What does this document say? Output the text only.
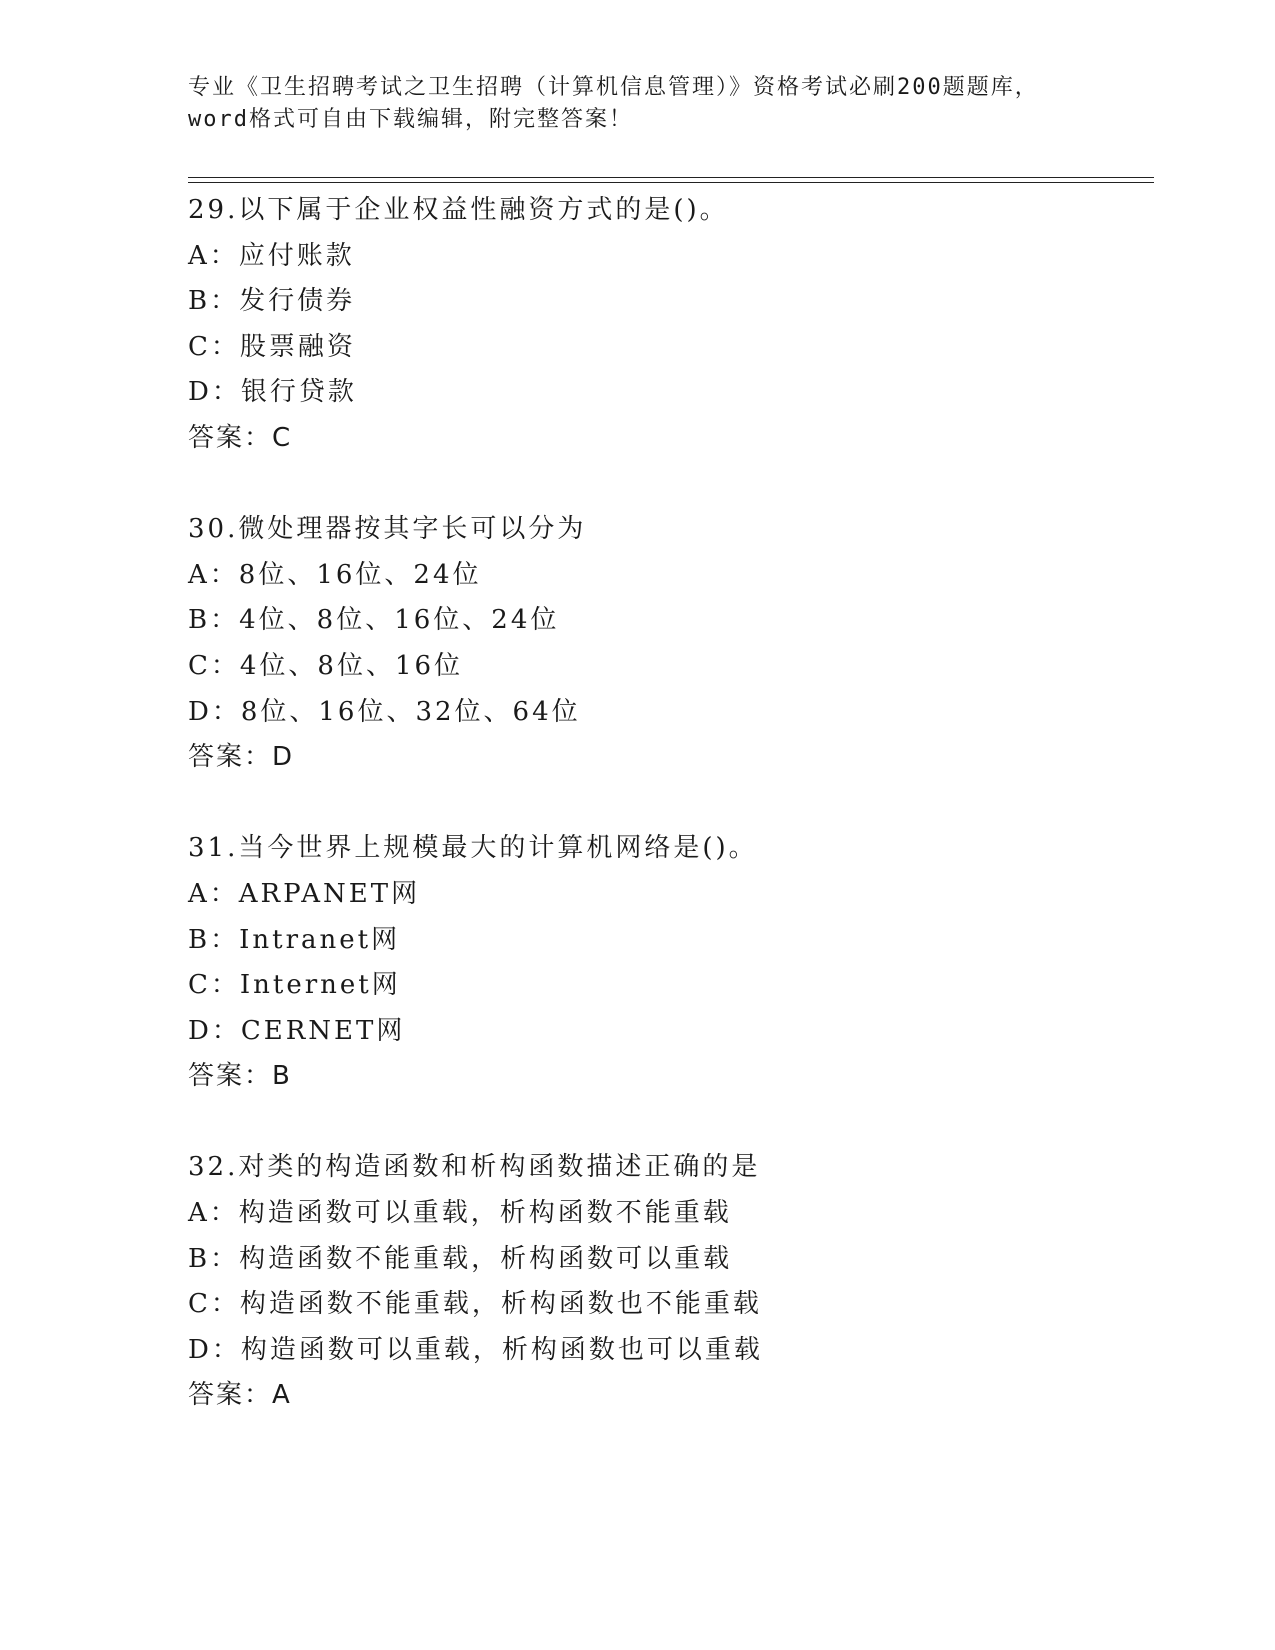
专业《卫生招聘考试之卫生招聘（计算机信息管理）》资格考试必刷200题题库，
word格式可自由下载编辑，附完整答案！
29.以下属于企业权益性融资方式的是()。
A：应付账款
B：发行债券
C：股票融资
D：银行贷款
答案：C
30.微处理器按其字长可以分为
A：8位、16位、24位
B：4位、8位、16位、24位
C：4位、8位、16位
D：8位、16位、32位、64位
答案：D
31.当今世界上规模最大的计算机网络是()。
A：ARPANET网
B：Intranet网
C：Internet网
D：CERNET网
答案：B
32.对类的构造函数和析构函数描述正确的是
A：构造函数可以重载，析构函数不能重载
B：构造函数不能重载，析构函数可以重载
C：构造函数不能重载，析构函数也不能重载
D：构造函数可以重载，析构函数也可以重载
答案：A
